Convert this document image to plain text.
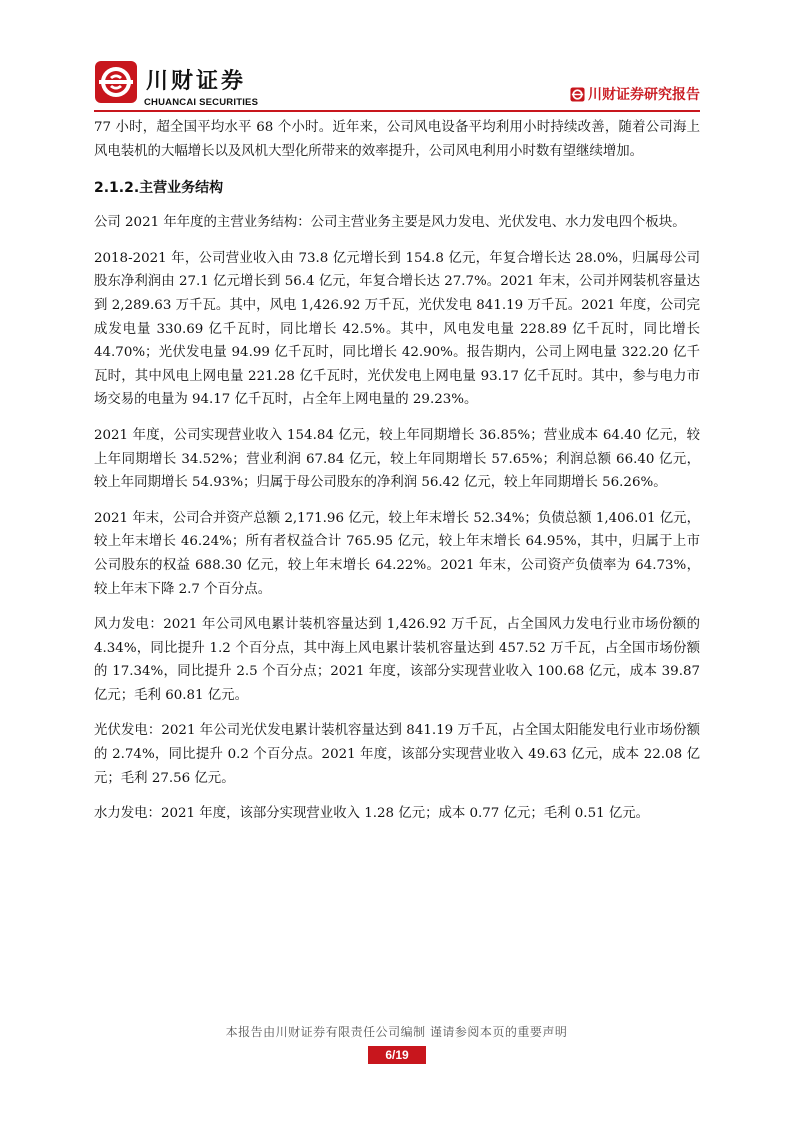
川财证券
CHUANCAI SECURITIES	川财证券研究报告

77 小时，超全国平均水平 68 个小时。近年来，公司风电设备平均利用小时持续改善，随着公司海上风电装机的大幅增长以及风机大型化所带来的效率提升，公司风电利用小时数有望继续增加。

2.1.2.主营业务结构

公司 2021 年年度的主营业务结构：公司主营业务主要是风力发电、光伏发电、水力发电四个板块。

2018-2021 年，公司营业收入由 73.8 亿元增长到 154.8 亿元，年复合增长达 28.0%，归属母公司股东净利润由 27.1 亿元增长到 56.4 亿元，年复合增长达 27.7%。2021 年末，公司并网装机容量达到 2,289.63 万千瓦。其中，风电 1,426.92 万千瓦，光伏发电 841.19 万千瓦。2021 年度，公司完成发电量 330.69 亿千瓦时，同比增长 42.5%。其中，风电发电量 228.89 亿千瓦时，同比增长 44.70%；光伏发电量 94.99 亿千瓦时，同比增长 42.90%。报告期内，公司上网电量 322.20 亿千瓦时，其中风电上网电量 221.28 亿千瓦时，光伏发电上网电量 93.17 亿千瓦时。其中，参与电力市场交易的电量为 94.17 亿千瓦时，占全年上网电量的 29.23%。

2021 年度，公司实现营业收入 154.84 亿元，较上年同期增长 36.85%；营业成本 64.40 亿元，较上年同期增长 34.52%；营业利润 67.84 亿元，较上年同期增长 57.65%；利润总额 66.40 亿元，较上年同期增长 54.93%；归属于母公司股东的净利润 56.42 亿元，较上年同期增长 56.26%。

2021 年末，公司合并资产总额 2,171.96 亿元，较上年末增长 52.34%；负债总额 1,406.01 亿元，较上年末增长 46.24%；所有者权益合计 765.95 亿元，较上年末增长 64.95%，其中，归属于上市公司股东的权益 688.30 亿元，较上年末增长 64.22%。2021 年末，公司资产负债率为 64.73%，较上年末下降 2.7 个百分点。

风力发电：2021 年公司风电累计装机容量达到 1,426.92 万千瓦，占全国风力发电行业市场份额的 4.34%，同比提升 1.2 个百分点，其中海上风电累计装机容量达到 457.52 万千瓦，占全国市场份额的 17.34%，同比提升 2.5 个百分点；2021 年度，该部分实现营业收入 100.68 亿元，成本 39.87 亿元；毛利 60.81 亿元。

光伏发电：2021 年公司光伏发电累计装机容量达到 841.19 万千瓦，占全国太阳能发电行业市场份额的 2.74%，同比提升 0.2 个百分点。2021 年度，该部分实现营业收入 49.63 亿元，成本 22.08 亿元；毛利 27.56 亿元。

水力发电：2021 年度，该部分实现营业收入 1.28 亿元；成本 0.77 亿元；毛利 0.51 亿元。

本报告由川财证券有限责任公司编制 谨请参阅本页的重要声明
6/19
